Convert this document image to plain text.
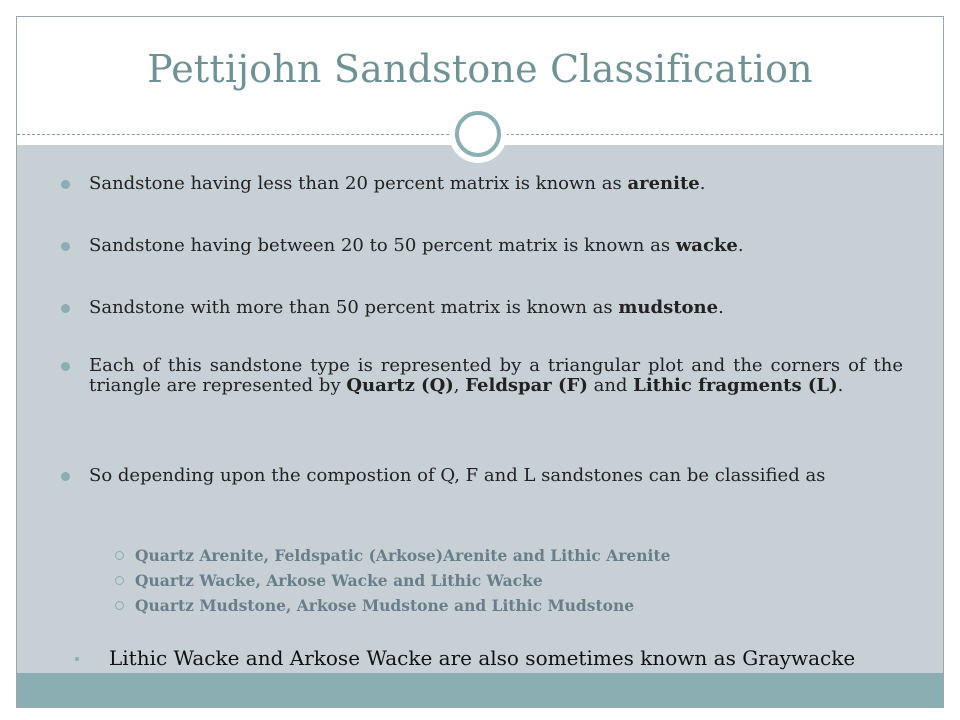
Pettijohn Sandstone Classification
Sandstone having less than 20 percent matrix is known as arenite.
Sandstone having between 20 to 50 percent matrix is known as wacke.
Sandstone with more than 50 percent matrix is known as mudstone.
Each of this sandstone type is represented by a triangular plot and the corners of the triangle are represented by Quartz (Q), Feldspar (F) and Lithic fragments (L).
So depending upon the compostion of Q, F and L sandstones can be classified as
Quartz Arenite, Feldspatic (Arkose)Arenite and Lithic Arenite
Quartz Wacke, Arkose Wacke and Lithic Wacke
Quartz Mudstone, Arkose Mudstone and Lithic Mudstone
Lithic Wacke and Arkose Wacke are also sometimes known as Graywacke
